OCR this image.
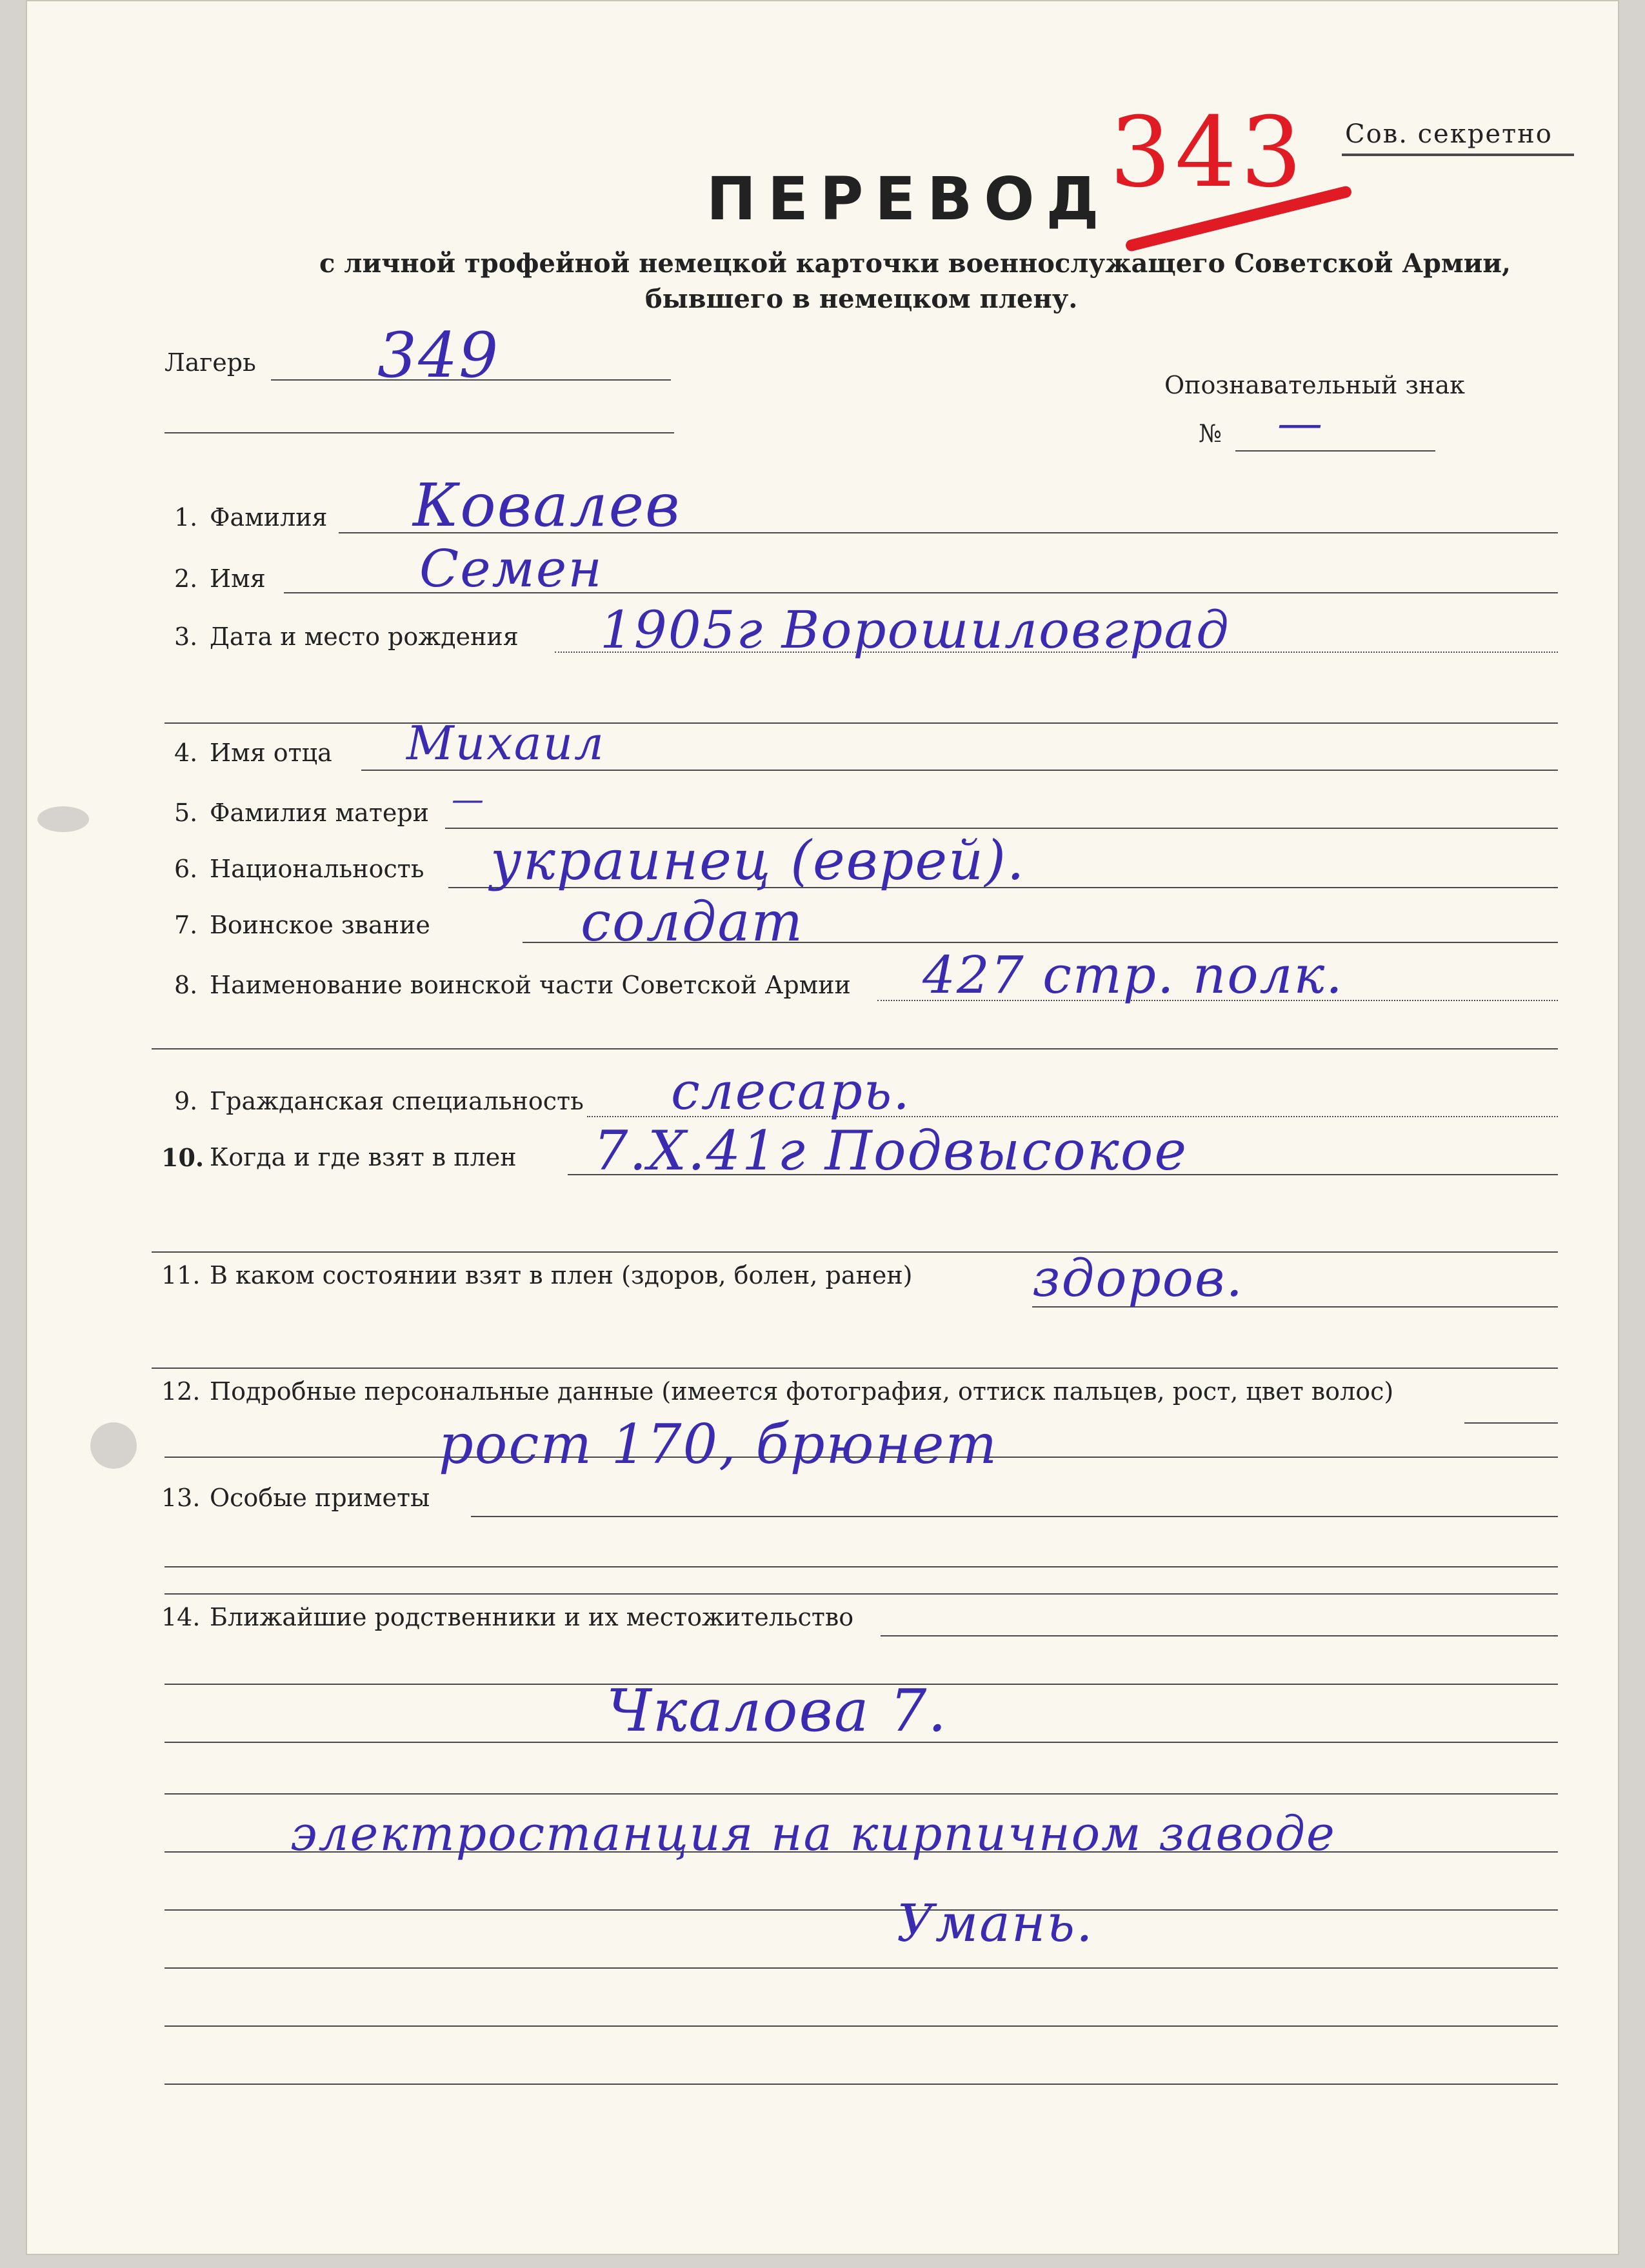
Сов. секретно
343
ПЕРЕВОД
с личной трофейной немецкой карточки военнослужащего Советской Армии,
бывшего в немецком плену.
Лагерь 349	Опознавательный знак
№ —
1. Фамилия Ковалев
2. Имя	Семен
3. Дата и место рождения 1905г Ворошиловград
4. Имя отца Михаил
5. Фамилия матери —
6. Национальность украинец (еврей).
7. Воинское звание	солдат
8. Наименование воинской части Советской Армии 427 стр. полк.
9. Гражданская специальность слесарь.
10. Когда и где взят в плен 7.X.41г Подвысокое
11. В каком состоянии взят в плен (здоров, болен, ранен) здоров.
12. Подробные персональные данные (имеется фотография, оттиск пальцев, рост, цвет волос)
рост 170, брюнет
13. Особые приметы
14. Ближайшие родственники и их местожительство
Чкалова 7.
электростанция на кирпичном заводе
Умань.
